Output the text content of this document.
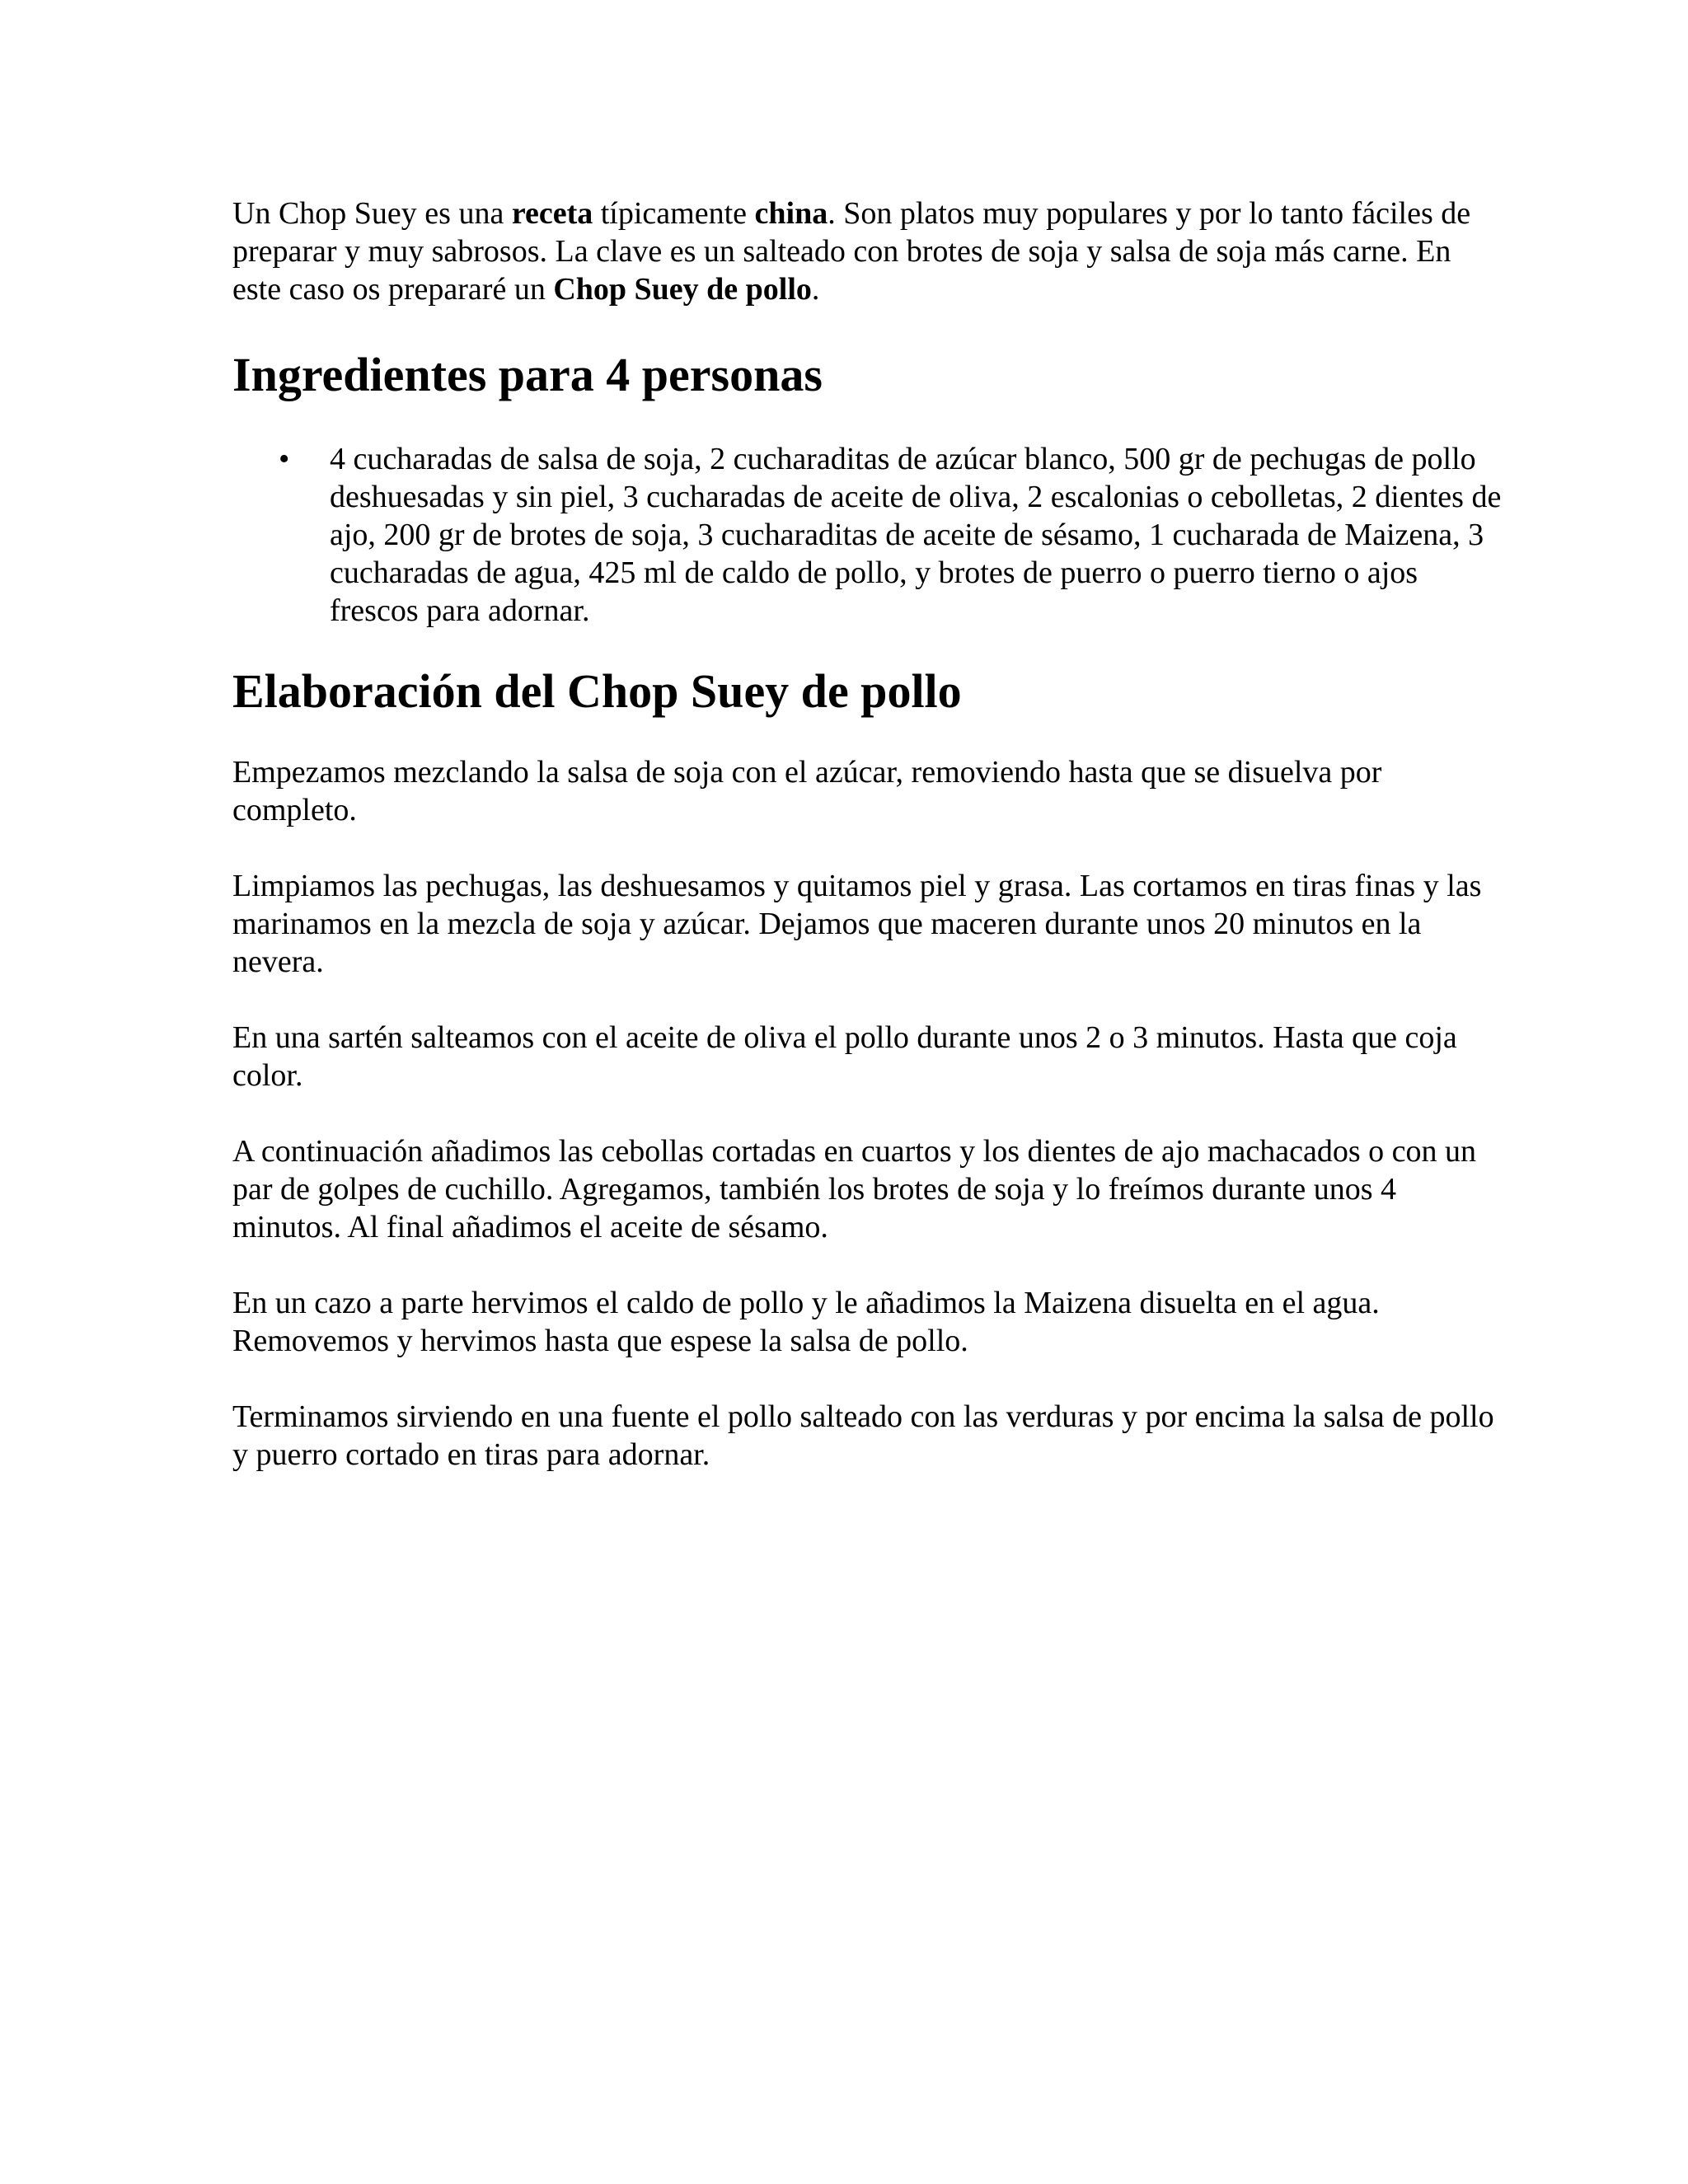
Un Chop Suey es una receta típicamente china. Son platos muy populares y por lo tanto fáciles de preparar y muy sabrosos. La clave es un salteado con brotes de soja y salsa de soja más carne. En este caso os prepararé un Chop Suey de pollo.

Ingredientes para 4 personas
• 4 cucharadas de salsa de soja, 2 cucharaditas de azúcar blanco, 500 gr de pechugas de pollo deshuesadas y sin piel, 3 cucharadas de aceite de oliva, 2 escalonias o cebolletas, 2 dientes de ajo, 200 gr de brotes de soja, 3 cucharaditas de aceite de sésamo, 1 cucharada de Maizena, 3 cucharadas de agua, 425 ml de caldo de pollo, y brotes de puerro o puerro tierno o ajos frescos para adornar.
Elaboración del Chop Suey de pollo

Empezamos mezclando la salsa de soja con el azúcar, removiendo hasta que se disuelva por completo.

Limpiamos las pechugas, las deshuesamos y quitamos piel y grasa. Las cortamos en tiras finas y las marinamos en la mezcla de soja y azúcar. Dejamos que maceren durante unos 20 minutos en la nevera.

En una sartén salteamos con el aceite de oliva el pollo durante unos 2 o 3 minutos. Hasta que coja color.

A continuación añadimos las cebollas cortadas en cuartos y los dientes de ajo machacados o con un par de golpes de cuchillo. Agregamos, también los brotes de soja y lo freímos durante unos 4 minutos. Al final añadimos el aceite de sésamo.

En un cazo a parte hervimos el caldo de pollo y le añadimos la Maizena disuelta en el agua. Removemos y hervimos hasta que espese la salsa de pollo.

Terminamos sirviendo en una fuente el pollo salteado con las verduras y por encima la salsa de pollo y puerro cortado en tiras para adornar.
